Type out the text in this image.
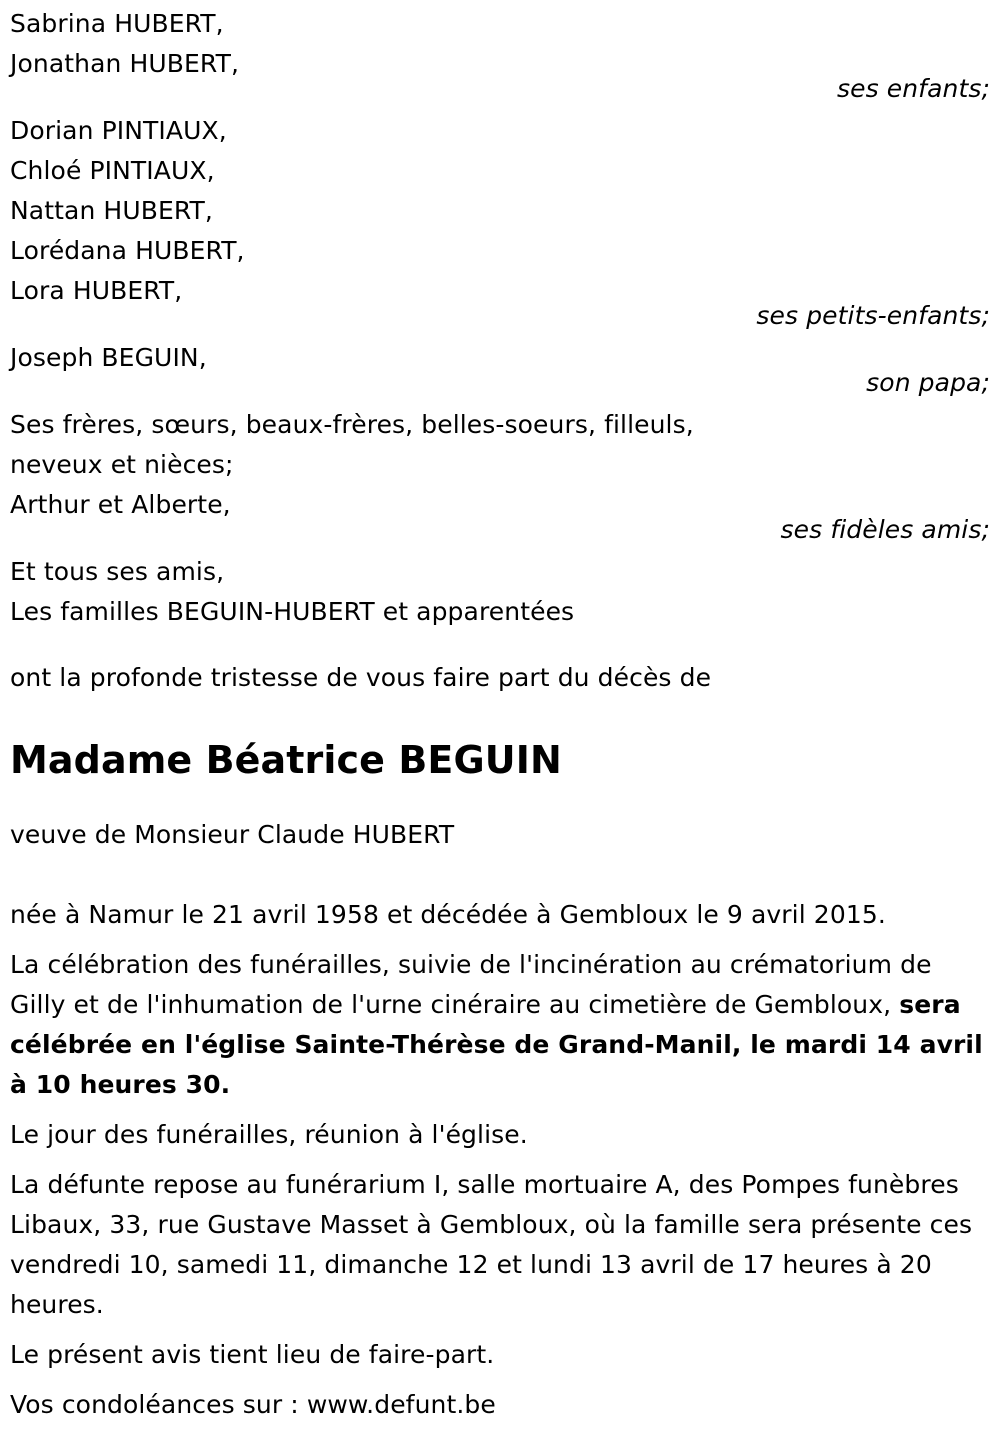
Sabrina HUBERT,
Jonathan HUBERT,
ses enfants;
Dorian PINTIAUX,
Chloé PINTIAUX,
Nattan HUBERT,
Lorédana HUBERT,
Lora HUBERT,
ses petits-enfants;
Joseph BEGUIN,
son papa;
Ses frères, sœurs, beaux-frères, belles-soeurs, filleuls,
neveux et nièces;
Arthur et Alberte,
ses fidèles amis;
Et tous ses amis,
Les familles BEGUIN-HUBERT et apparentées
ont la profonde tristesse de vous faire part du décès de
Madame Béatrice BEGUIN
veuve de Monsieur Claude HUBERT
née à Namur le 21 avril 1958 et décédée à Gembloux le 9 avril 2015.
La célébration des funérailles, suivie de l'incinération au crématorium de Gilly et de l'inhumation de l'urne cinéraire au cimetière de Gembloux, sera célébrée en l'église Sainte-Thérèse de Grand-Manil, le mardi 14 avril à 10 heures 30.
Le jour des funérailles, réunion à l'église.
La défunte repose au funérarium I, salle mortuaire A, des Pompes funèbres Libaux, 33, rue Gustave Masset à Gembloux, où la famille sera présente ces vendredi 10, samedi 11, dimanche 12 et lundi 13 avril de 17 heures à 20 heures.
Le présent avis tient lieu de faire-part.
Vos condoléances sur : www.defunt.be
